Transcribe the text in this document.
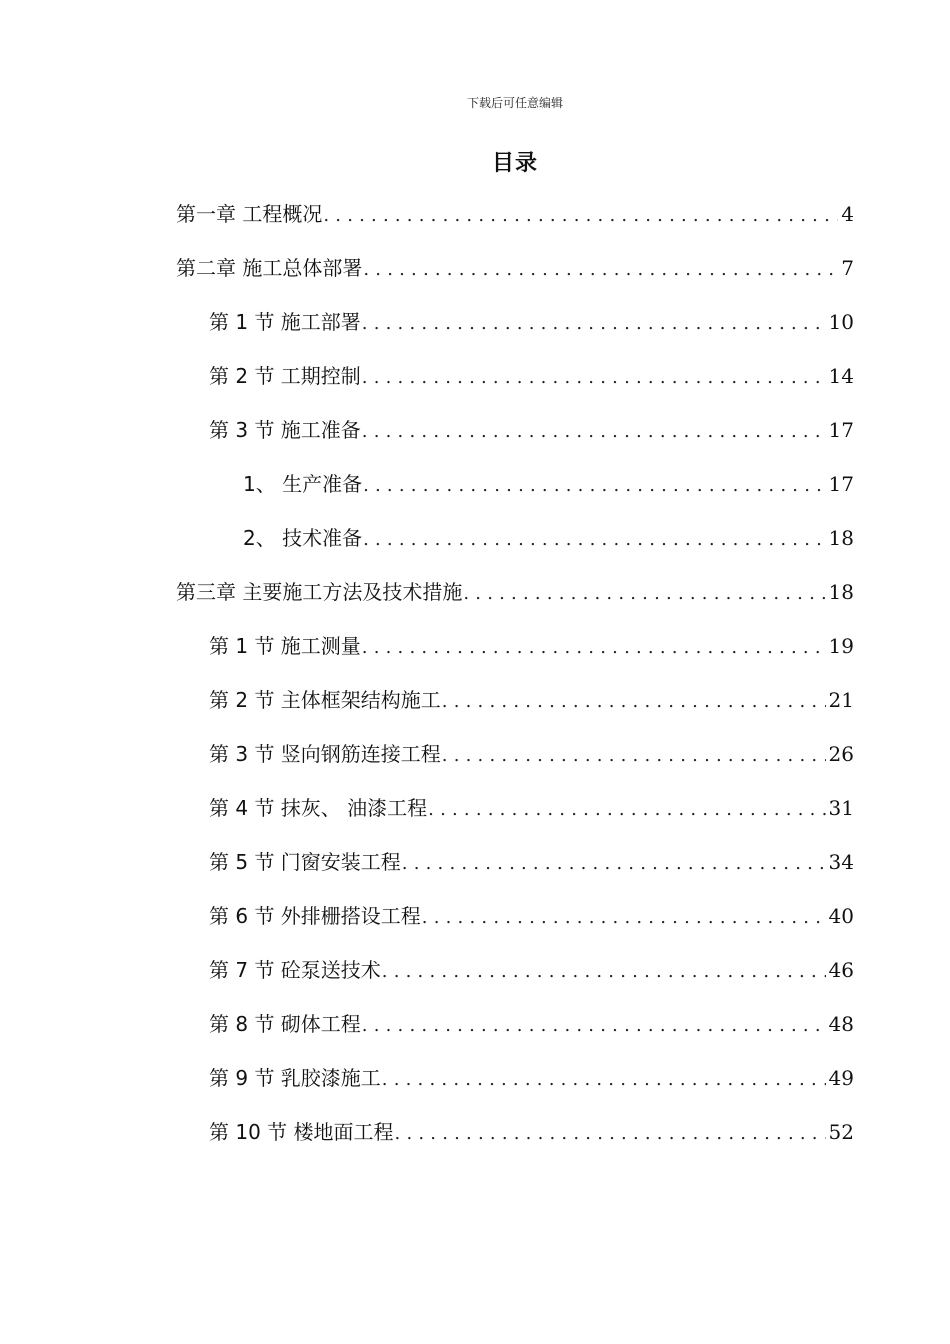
下载后可任意编辑
目录
第一章 工程概况 .....	4
第二章 施工总体部署 .....	7
第 1 节 施工部署 .....	10
第 2 节 工期控制 .....	14
第 3 节 施工准备 .....	17
1、 生产准备 .....	17
2、 技术准备 .....	18
第三章 主要施工方法及技术措施 .....	18
第 1 节 施工测量 .....	19
第 2 节 主体框架结构施工 .....	21
第 3 节 竖向钢筋连接工程 .....	26
第 4 节 抹灰、 油漆工程 .....	31
第 5 节 门窗安装工程 .....	34
第 6 节 外排栅搭设工程 .....	40
第 7 节 砼泵送技术 .....	46
第 8 节 砌体工程 .....	48
第 9 节 乳胶漆施工 .....	49
第 10 节 楼地面工程 .....	52
